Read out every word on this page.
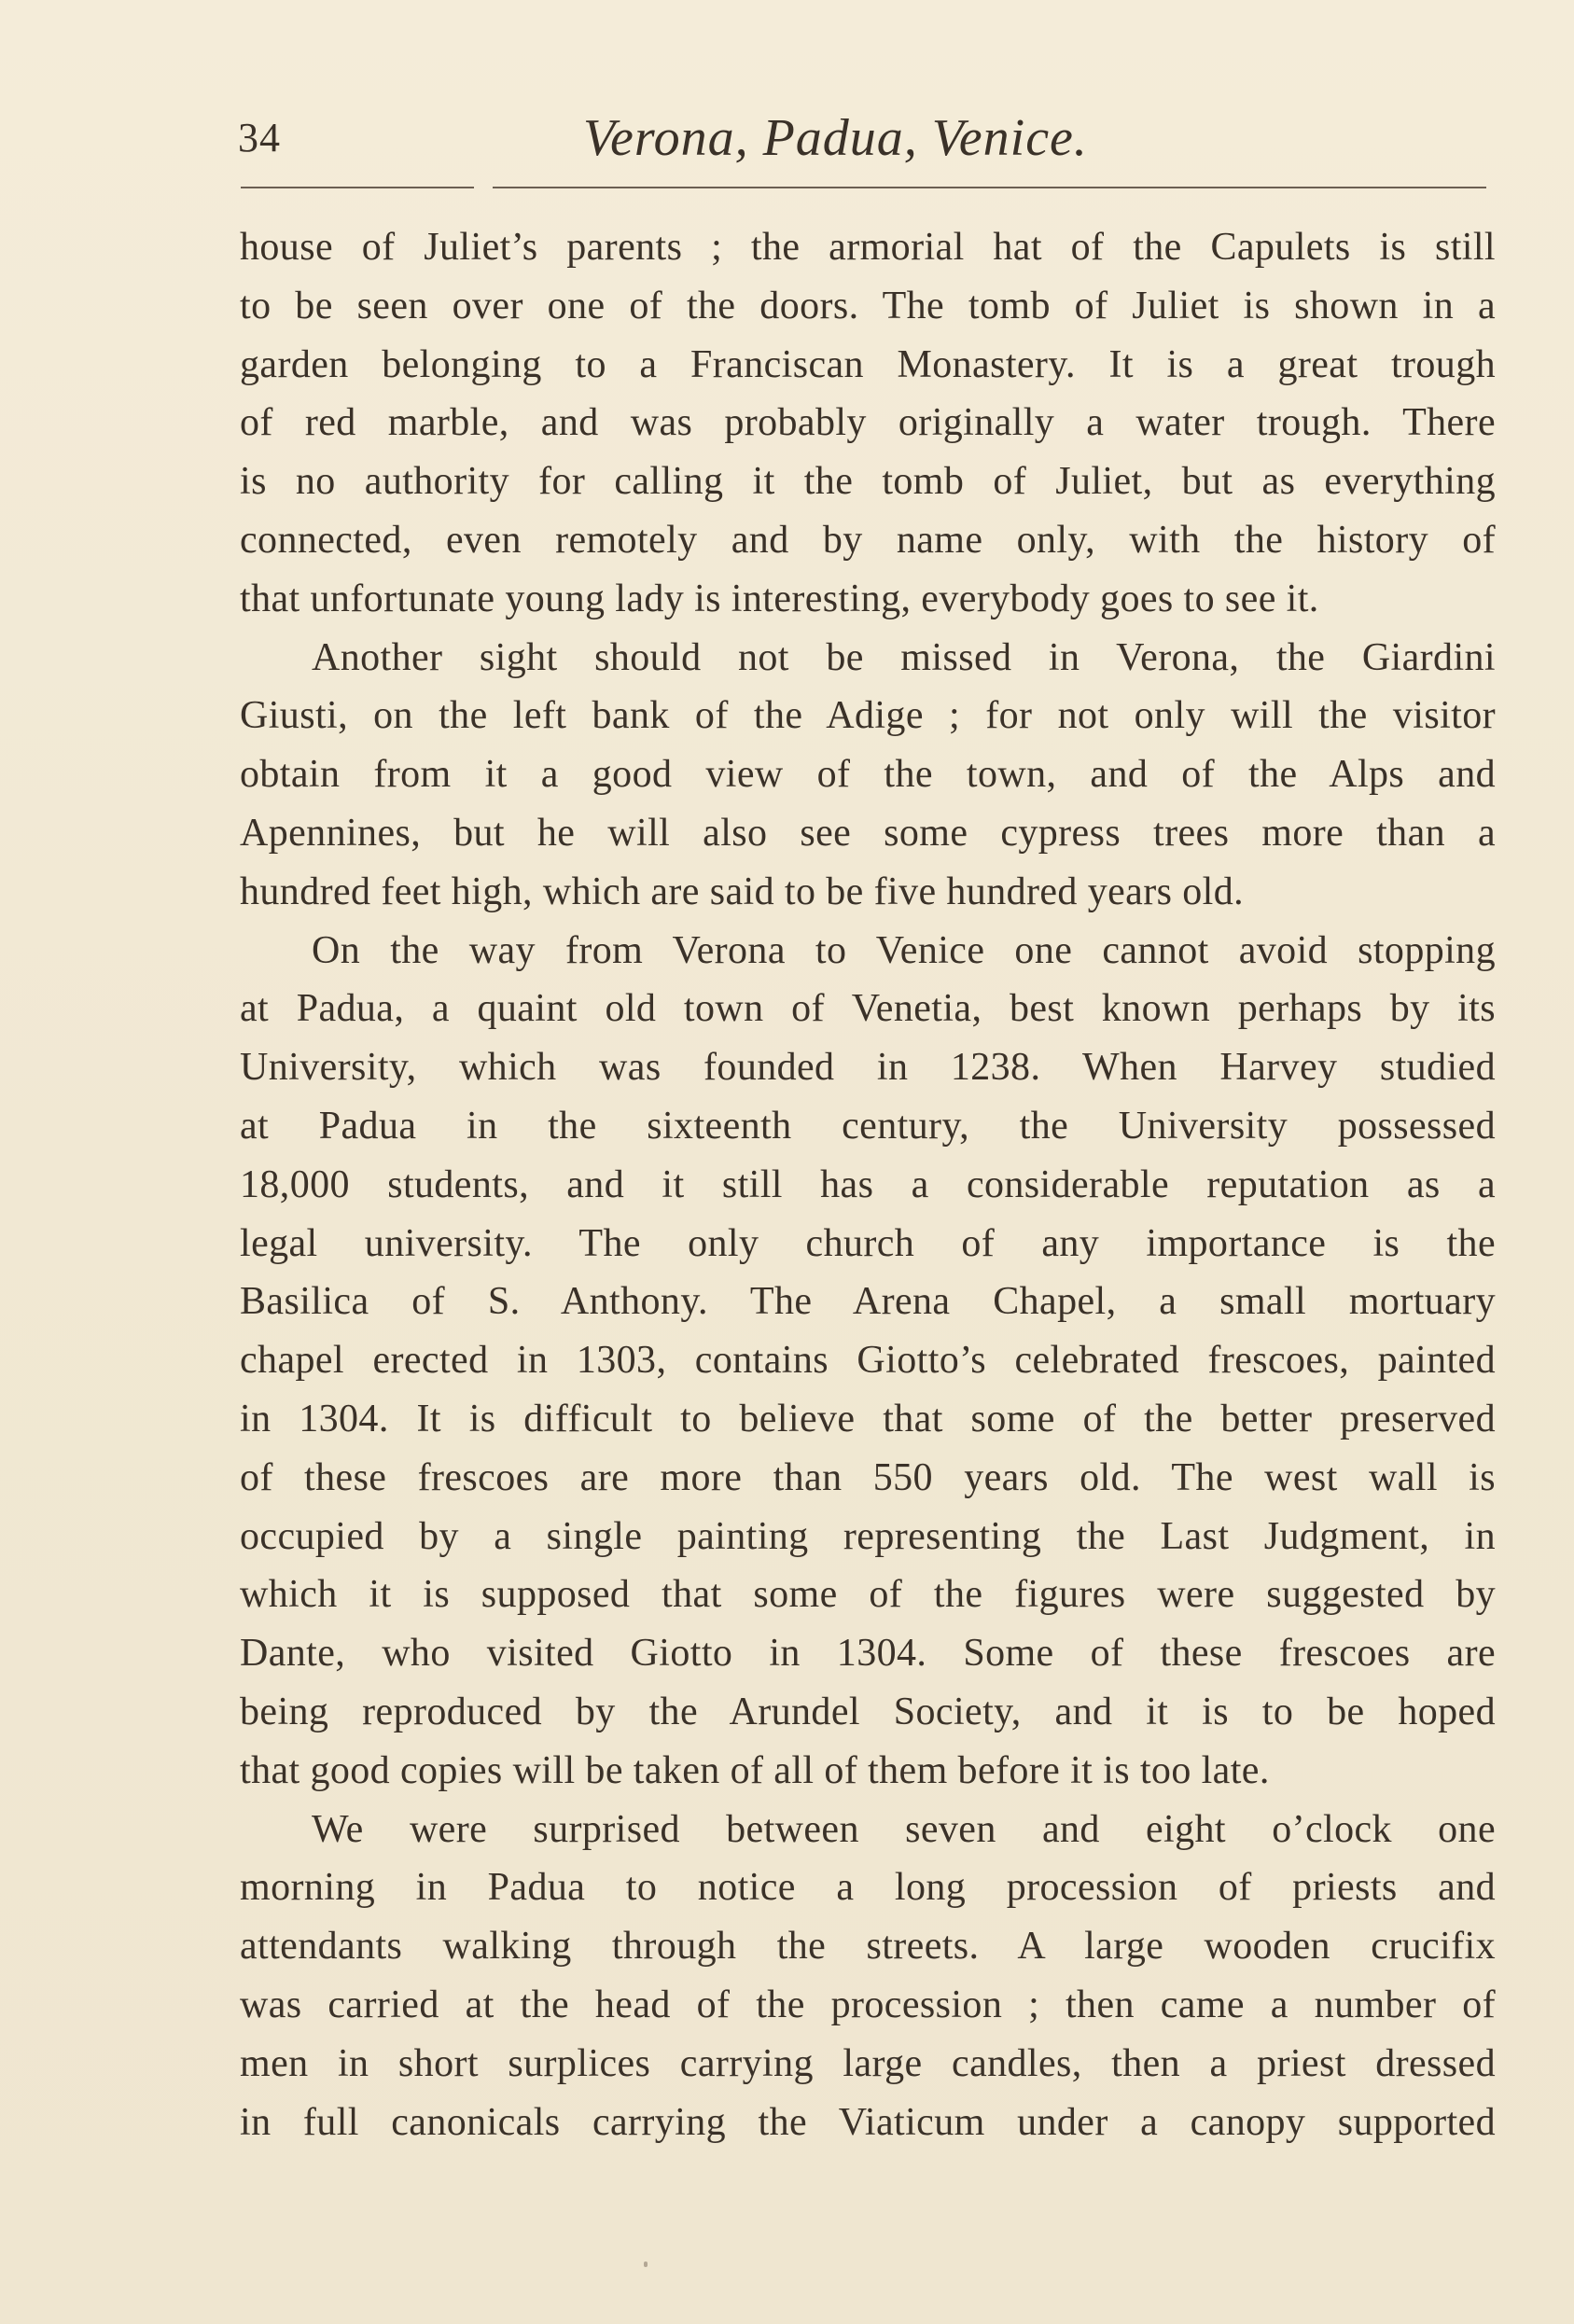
34	Verona, Padua, Venice.
house of Juliet’s parents ; the armorial hat of the Capulets is still
to be seen over one of the doors. The tomb of Juliet is shown in a
garden belonging to a Franciscan Monastery. It is a great trough
of red marble, and was probably originally a water trough. There
is no authority for calling it the tomb of Juliet, but as everything
connected, even remotely and by name only, with the history of
that unfortunate young lady is interesting, everybody goes to see it.
Another sight should not be missed in Verona, the Giardini
Giusti, on the left bank of the Adige ; for not only will the visitor
obtain from it a good view of the town, and of the Alps and
Apennines, but he will also see some cypress trees more than a
hundred feet high, which are said to be five hundred years old.
On the way from Verona to Venice one cannot avoid stopping
at Padua, a quaint old town of Venetia, best known perhaps by its
University, which was founded in 1238. When Harvey studied
at Padua in the sixteenth century, the University possessed
18,000 students, and it still has a considerable reputation as a
legal university. The only church of any importance is the
Basilica of S. Anthony. The Arena Chapel, a small mortuary
chapel erected in 1303, contains Giotto’s celebrated frescoes, painted
in 1304. It is difficult to believe that some of the better preserved
of these frescoes are more than 550 years old. The west wall is
occupied by a single painting representing the Last Judgment, in
which it is supposed that some of the figures were suggested by
Dante, who visited Giotto in 1304. Some of these frescoes are
being reproduced by the Arundel Society, and it is to be hoped
that good copies will be taken of all of them before it is too late.
We were surprised between seven and eight o’clock one
morning in Padua to notice a long procession of priests and
attendants walking through the streets. A large wooden crucifix
was carried at the head of the procession ; then came a number of
men in short surplices carrying large candles, then a priest dressed
in full canonicals carrying the Viaticum under a canopy supported
